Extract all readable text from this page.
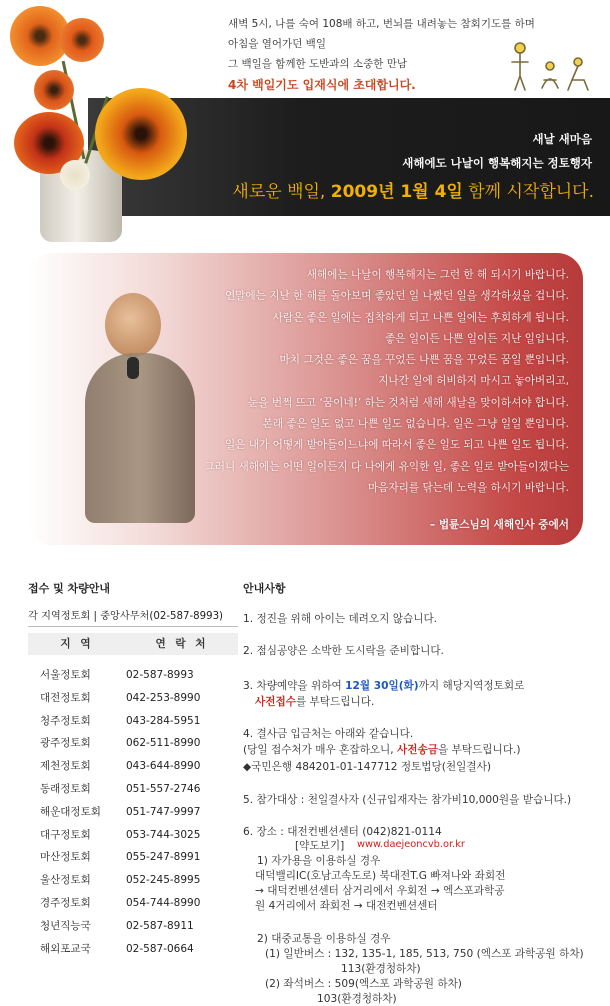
새벽 5시, 나를 숙여 108배 하고, 번뇌를 내려놓는 참회기도를 하며
아침을 열어가던 백일
그 백일을 함께한 도반과의 소중한 만남
4차 백일기도 입재식에 초대합니다.
새날 새마음
새해에도 나날이 행복해지는 정토행자
새로운 백일, 2009년 1월 4일 함께 시작합니다.
새해에는 나날이 행복해지는 그런 한 해 되시기 바랍니다.
연말에는 지난 한 해를 돌아보며 좋았던 일 나빴던 일을 생각하셨을 겁니다.
사람은 좋은 일에는 집착하게 되고 나쁜 일에는 후회하게 됩니다.
좋은 일이든 나쁜 일이든 지난 일입니다.
마치 그것은 좋은 꿈을 꾸었든 나쁜 꿈을 꾸었든 꿈일 뿐입니다.
지나간 일에 허비하지 마시고 놓아버리고,
눈을 번쩍 뜨고 ‘꿈이네!’ 하는 것처럼 새해 새날을 맞이하셔야 합니다.
본래 좋은 일도 없고 나쁜 일도 없습니다. 일은 그냥 일일 뿐입니다.
일은 내가 어떻게 받아들이느냐에 따라서 좋은 일도 되고 나쁜 일도 됩니다.
그러니 새해에는 어떤 일이든지 다 나에게 유익한 일, 좋은 일로 받아들이겠다는
마음자리를 닦는데 노력을 하시기 바랍니다.
– 법륜스님의 새해인사 중에서
접수 및 차량안내
각 지역정토회 | 중앙사무처(02-587-8993)
지 역	연 락 처
서울정토회	02-587-8993
대전정토회	042-253-8990
청주정토회	043-284-5951
광주정토회	062-511-8990
제천정토회	043-644-8990
동래정토회	051-557-2746
해운대정토회	051-747-9997
대구정토회	053-744-3025
마산정토회	055-247-8991
울산정토회	052-245-8995
경주정토회	054-744-8990
청년직능국	02-587-8911
해외포교국	02-587-0664
안내사항
1. 정진을 위해 아이는 데려오지 않습니다.
2. 점심공양은 소박한 도시락을 준비합니다.
3. 차량예약을 위하여 12월 30일(화)까지 해당지역정토회로
사전접수를 부탁드립니다.
4. 결사금 입금처는 아래와 같습니다.
(당일 접수처가 매우 혼잡하오니, 사전송금을 부탁드립니다.)
◆국민은행 484201-01-147712 정토법당(천일결사)
5. 참가대상 : 천일결사자 (신규입재자는 참가비10,000원을 받습니다.)
6. 장소 : 대전컨벤션센터 (042)821-0114
[약도보기] www.daejeoncvb.or.kr
1) 자가용을 이용하실 경우
대덕밸리IC(호남고속도로) 북대전T.G 빠져나와 좌회전
→ 대덕컨벤션센터 삼거리에서 우회전 → 엑스포과학공
원 4거리에서 좌회전 → 대전컨벤션센터
2) 대중교통을 이용하실 경우
(1) 일반버스 : 132, 135-1, 185, 513, 750 (엑스포 과학공원 하차)
113(환경청하차)
(2) 좌석버스 : 509(엑스포 과학공원 하차)
103(환경청하차)
